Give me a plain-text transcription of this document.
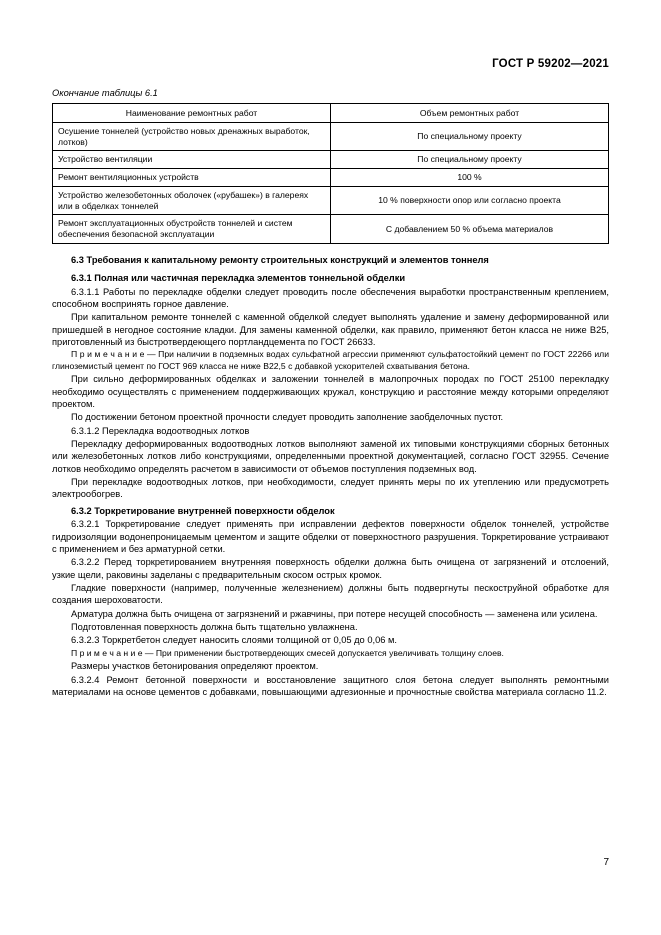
ГОСТ Р 59202—2021
Окончание таблицы 6.1
Наименование ремонтных работ	Объем ремонтных работ
Осушение тоннелей (устройство новых дренажных выработок, лотков)	По специальному проекту
Устройство вентиляции	По специальному проекту
Ремонт вентиляционных устройств	100 %
Устройство железобетонных оболочек («рубашек») в галереях или в обделках тоннелей	10 % поверхности опор или согласно проекта
Ремонт эксплуатационных обустройств тоннелей и систем обеспечения безопасной эксплуатации	С добавлением 50 % объема материалов
6.3 Требования к капитальному ремонту строительных конструкций и элементов тоннеля
6.3.1 Полная или частичная перекладка элементов тоннельной обделки
6.3.1.1 Работы по перекладке обделки следует проводить после обеспечения выработки пространственным креплением, способном воспринять горное давление.
При капитальном ремонте тоннелей с каменной обделкой следует выполнять удаление и замену деформированной или пришедшей в негодное состояние кладки. Для замены каменной обделки, как правило, применяют бетон класса не ниже В25, приготовленный из быстротвердеющего портландцемента по ГОСТ 26633.
П р и м е ч а н и е — При наличии в подземных водах сульфатной агрессии применяют сульфатостойкий цемент по ГОСТ 22266 или глиноземистый цемент по ГОСТ 969 класса не ниже В22,5 с добавкой ускорителей схватывания бетона.
При сильно деформированных обделках и заложении тоннелей в малопрочных породах по ГОСТ 25100 перекладку необходимо осуществлять с применением поддерживающих кружал, конструкцию и расстояние между которыми определяют проектом.
По достижении бетоном проектной прочности следует проводить заполнение заобделочных пустот.
6.3.1.2 Перекладка водоотводных лотков
Перекладку деформированных водоотводных лотков выполняют заменой их типовыми конструкциями сборных бетонных или железобетонных лотков либо конструкциями, определенными проектной документацией, согласно ГОСТ 32955. Сечение лотков необходимо определять расчетом в зависимости от объемов поступления подземных вод.
При перекладке водоотводных лотков, при необходимости, следует принять меры по их утеплению или предусмотреть электрообогрев.
6.3.2 Торкретирование внутренней поверхности обделок
6.3.2.1 Торкретирование следует применять при исправлении дефектов поверхности обделок тоннелей, устройстве гидроизоляции водонепроницаемым цементом и защите обделки от поверхностного разрушения. Торкретирование устраивают с применением и без арматурной сетки.
6.3.2.2 Перед торкретированием внутренняя поверхность обделки должна быть очищена от загрязнений и отслоений, узкие щели, раковины заделаны с предварительным скосом острых кромок.
Гладкие поверхности (например, полученные железнением) должны быть подвергнуты пескоструйной обработке для создания шероховатости.
Арматура должна быть очищена от загрязнений и ржавчины, при потере несущей способность — заменена или усилена.
Подготовленная поверхность должна быть тщательно увлажнена.
6.3.2.3 Торкретбетон следует наносить слоями толщиной от 0,05 до 0,06 м.
П р и м е ч а н и е — При применении быстротвердеющих смесей допускается увеличивать толщину слоев.
Размеры участков бетонирования определяют проектом.
6.3.2.4 Ремонт бетонной поверхности и восстановление защитного слоя бетона следует выполнять ремонтными материалами на основе цементов с добавками, повышающими адгезионные и прочностные свойства материала согласно 11.2.
7
